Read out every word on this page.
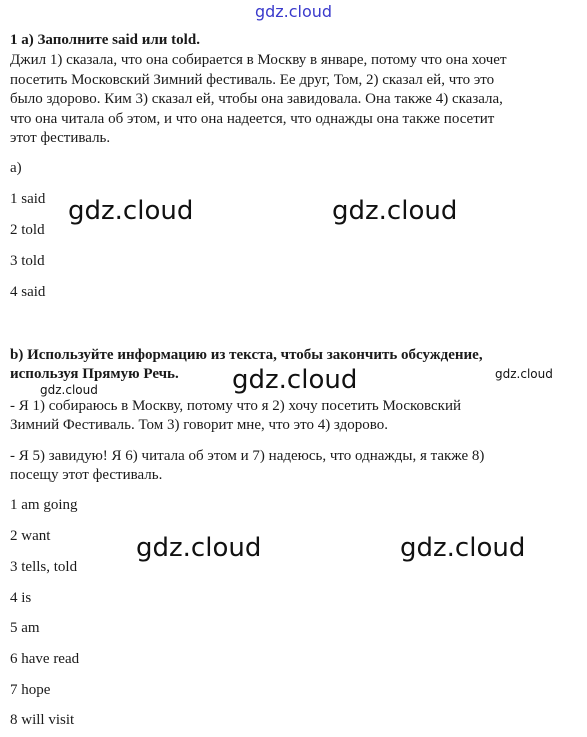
gdz.cloud
1 a) Заполните said или told.
Джил 1) сказала, что она собирается в Москву в январе, потому что она хочет
посетить Московский Зимний фестиваль. Ее друг, Том, 2) сказал ей, что это
было здорово. Ким 3) сказал ей, чтобы она завидовала. Она также 4) сказала,
что она читала об этом, и что она надеется, что однажды она также посетит
этот фестиваль.
a)
1 said
2 told
3 told
4 said
b) Используйте информацию из текста, чтобы закончить обсуждение,
используя Прямую Речь.
- Я 1) собираюсь в Москву, потому что я 2) хочу посетить Московский
Зимний Фестиваль. Том 3) говорит мне, что это 4) здорово.
- Я 5) завидую! Я 6) читала об этом и 7) надеюсь, что однажды, я также 8)
посещу этот фестиваль.
1 am going
2 want
3 tells, told
4 is
5 am
6 have read
7 hope
8 will visit
gdz.cloud	gdz.cloud
gdz.cloud	gdz.cloud	gdz.cloud
gdz.cloud	gdz.cloud
